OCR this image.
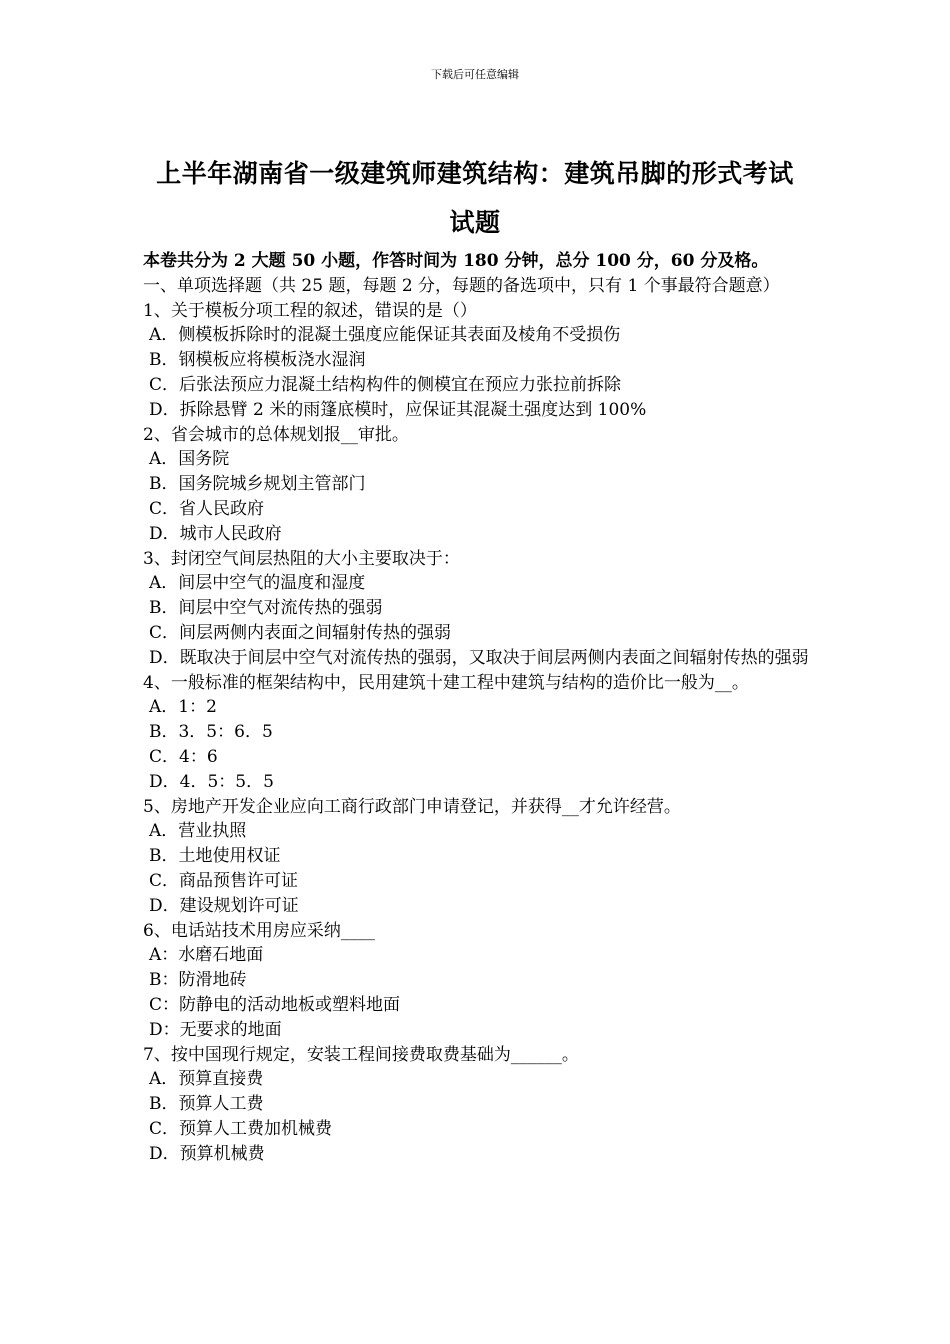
下载后可任意编辑
上半年湖南省一级建筑师建筑结构：建筑吊脚的形式考试
试题
本卷共分为 2 大题 50 小题，作答时间为 180 分钟，总分 100 分，60 分及格。
一、单项选择题（共 25 题，每题 2 分，每题的备选项中，只有 1 个事最符合题意）
1、关于模板分项工程的叙述，错误的是（）
A．侧模板拆除时的混凝土强度应能保证其表面及棱角不受损伤
B．钢模板应将模板浇水湿润
C．后张法预应力混凝土结构构件的侧模宜在预应力张拉前拆除
D．拆除悬臂 2 米的雨篷底模时，应保证其混凝土强度达到 100%
2、省会城市的总体规划报__审批。
A．国务院
B．国务院城乡规划主管部门
C．省人民政府
D．城市人民政府
3、封闭空气间层热阻的大小主要取决于：
A．间层中空气的温度和湿度
B．间层中空气对流传热的强弱
C．间层两侧内表面之间辐射传热的强弱
D．既取决于间层中空气对流传热的强弱，又取决于间层两侧内表面之间辐射传热的强弱
4、一般标准的框架结构中，民用建筑十建工程中建筑与结构的造价比一般为__。
A．1：2
B．3．5：6．5
C．4：6
D．4．5：5．5
5、房地产开发企业应向工商行政部门申请登记，并获得__才允许经营。
A．营业执照
B．土地使用权证
C．商品预售许可证
D．建设规划许可证
6、电话站技术用房应采纳____
A：水磨石地面
B：防滑地砖
C：防静电的活动地板或塑料地面
D：无要求的地面
7、按中国现行规定，安装工程间接费取费基础为______。
A．预算直接费
B．预算人工费
C．预算人工费加机械费
D．预算机械费
